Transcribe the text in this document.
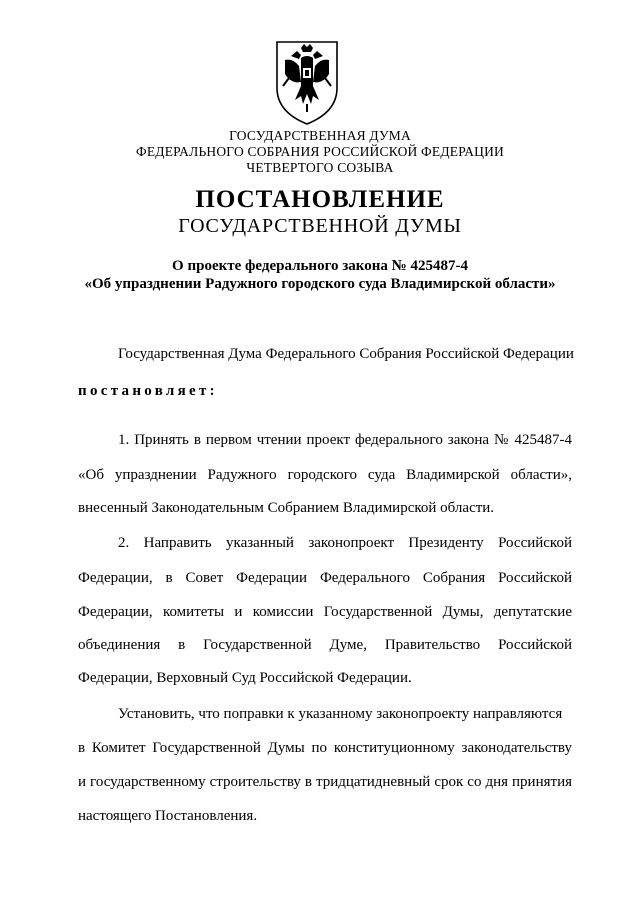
ГОСУДАРСТВЕННАЯ ДУМА
ФЕДЕРАЛЬНОГО СОБРАНИЯ РОССИЙСКОЙ ФЕДЕРАЦИИ
ЧЕТВЕРТОГО СОЗЫВА
ПОСТАНОВЛЕНИЕ
ГОСУДАРСТВЕННОЙ ДУМЫ
О проекте федерального закона № 425487-4
«Об упразднении Радужного городского суда Владимирской области»
Государственная Дума Федерального Собрания Российской Федерации
постановляет:
1. Принять в первом чтении проект федерального закона № 425487-4
«Об упразднении Радужного городского суда Владимирской области»,
внесенный Законодательным Собранием Владимирской области.
2. Направить указанный законопроект Президенту Российской
Федерации, в Совет Федерации Федерального Собрания Российской
Федерации, комитеты и комиссии Государственной Думы, депутатские
объединения в Государственной Думе, Правительство Российской
Федерации, Верховный Суд Российской Федерации.
Установить, что поправки к указанному законопроекту направляются
в Комитет Государственной Думы по конституционному законодательству
и государственному строительству в тридцатидневный срок со дня принятия
настоящего Постановления.
